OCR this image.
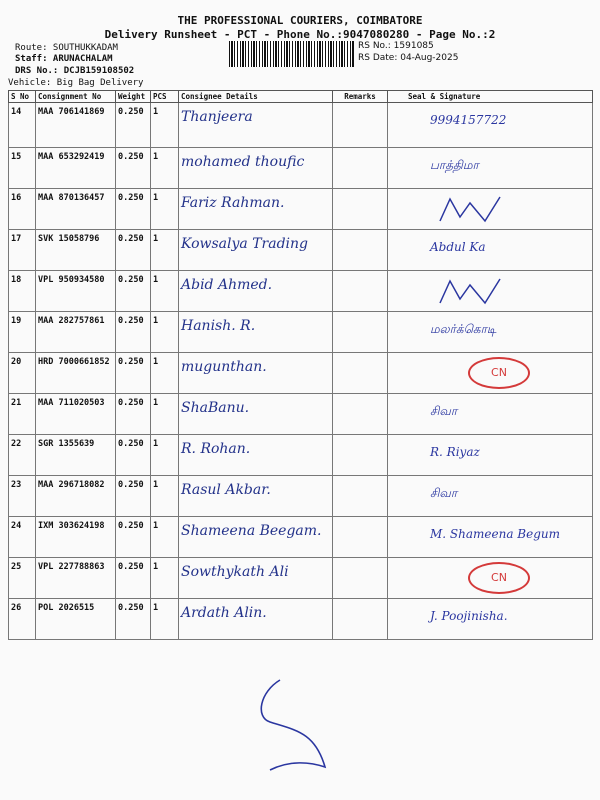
THE PROFESSIONAL COURIERS, COIMBATORE
Delivery Runsheet - PCT - Phone No.:9047080280 - Page No.:2
Route: SOUTHUKKADAM
Staff: ARUNACHALAM
DRS No.: DCJB159108502
Vehicle: Big Bag Delivery
RS No.: 1591085
RS Date: 04-Aug-2025
S No	Consignment No	Weight	PCS	Consignee Details	Remarks	Seal & Signature
14	MAA 706141869	0.250	1	Thanjeera		9994157722

15	MAA 653292419	0.250	1	mohamed thoufic		பாத்திமா

16	MAA 870136457	0.250	1	Fariz Rahman.

17	SVK 15058796	0.250	1	Kowsalya Trading		Abdul Ka

18	VPL 950934580	0.250	1	Abid Ahmed.

19	MAA 282757861	0.250	1	Hanish. R.		மலர்க்கொடி

20	HRD 7000661852	0.250	1	mugunthan.		CN
21	MAA 711020503	0.250	1	ShaBanu.		சிவா

22	SGR 1355639	0.250	1	R. Rohan.		R. Riyaz

23	MAA 296718082	0.250	1	Rasul Akbar.		சிவா

24	IXM 303624198	0.250	1	Shameena Beegam.		M. Shameena Begum

25	VPL 227788863	0.250	1	Sowthykath Ali		CN
26	POL 2026515	0.250	1	Ardath Alin.		J. Poojinisha.
